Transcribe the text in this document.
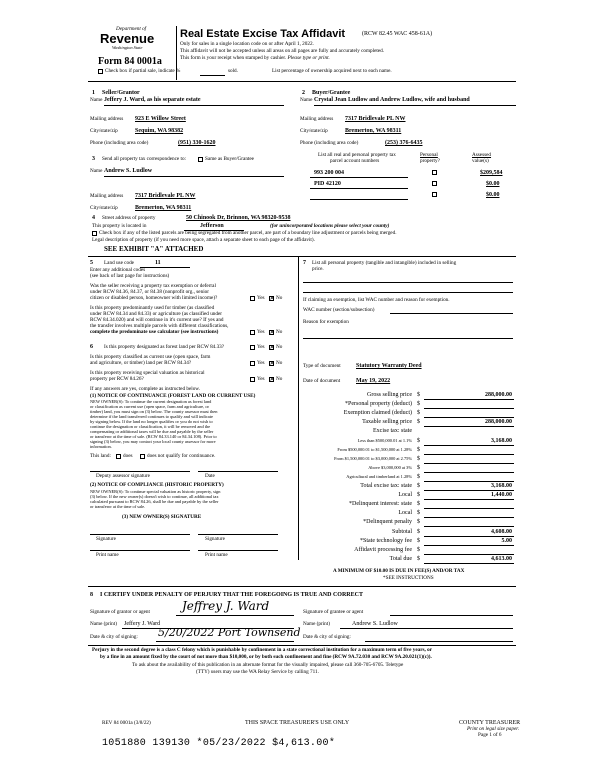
Department of
Revenue
Washington State
Real Estate Excise Tax Affidavit	(RCW 82.45 WAC 458-61A)
Only for sales in a single location code on or after April 1, 2022.
This affidavit will not be accepted unless all areas on all pages are fully and accurately completed.
This form is your receipt when stamped by cashier. Please type or print.
Form 84 0001a
Check box if partial sale, indicate %	sold.	List percentage of ownership acquired next to each name.
1 Seller/Grantor
Name Jeffery J. Ward, as his separate estate
Mailing address 923 E Willow Street
City/state/zip	Sequim, WA 98382
Phone (including area code)	(951) 330-1620
2 Buyer/Grantee
Name Crystal Jean Ludlow and Andrew Ludlow, wife and husband
Mailing address 7317 Bridlevale PL NW
City/state/zip	Bremerton, WA 98311
Phone (including area code)	(253) 376-6435
3 Send all property tax correspondence to:	Same as Buyer/Grantee
Name Andrew S. Ludlow
Mailing address 7317 Bridlevale PL NW
City/state/zip	Bremerton, WA 98311
List all real and personal property tax
parcel account numbers
Personal
property?
Assessed
value(s)
993 200 004	$209,584
PID 42120	$0.00
$0.00
4 Street address of property	50 Chinook Dr, Brinnon, WA 98320-9538
This property is located in	Jefferson	(for unincorporated locations please select your county)
Check box if any of the listed parcels are being segregated from another parcel, are part of a boundary line adjustment or parcels being merged.
Legal description of property (if you need more space, attach a separate sheet to each page of the affidavit).
SEE EXHIBIT "A" ATTACHED
5 Land use code	11
Enter any additional codes
(see back of last page for instructions)
Was the seller receiving a property tax exemption or deferral
under RCW 84.36, 84.37, or 84.38 (nonprofit org., senior
citizen or disabled person, homeowner with limited income)?	Yes ✕ No
Is this property predominantly used for timber (as classified
under RCW 84.34 and 84.33) or agriculture (as classified under
RCW 84.34.020) and will continue in it's current use? If yes and
the transfer involves multiple parcels with different classifications,
complete the predominate use calculator (see instructions)	Yes ✕ No
6 Is this property designated as forest land per RCW 84.33?	Yes ✕ No
Is this property classified as current use (open space, farm
and agriculture, or timber) land per RCW 84.34?	Yes ✕ No
Is this property receiving special valuation as historical
property per RCW 84.26?	Yes ✕ No
If any answers are yes, complete as instructed below.
(1) NOTICE OF CONTINUANCE (FOREST LAND OR CURRENT USE)
NEW OWNER(S): To continue the current designation as forest land
or classification as current use (open space, farm and agriculture, or
timber) land, you must sign on (3) below. The county assessor must then
determine if the land transferred continues to qualify and will indicate
by signing below. If the land no longer qualifies or you do not wish to
continue the designation or classification, it will be removed and the
compensating or additional taxes will be due and payable by the seller
or transferor at the time of sale. (RCW 84.33.140 or 84.34.108). Prior to
signing (3) below, you may contact your local county assessor for more
information.
This land: does	does not qualify for continuance.
Deputy assessor signature	Date
(2) NOTICE OF COMPLIANCE (HISTORIC PROPERTY)
NEW OWNER(S): To continue special valuation as historic property, sign
(3) below. If the new owner(s) doesn't wish to continue, all additional tax
calculated pursuant to RCW 84.26, shall be due and payable by the seller
or transferor at the time of sale.
(3) NEW OWNER(S) SIGNATURE
Signature	Signature
Print name	Print name
7 List all personal property (tangible and intangible) included in selling
price.
If claiming an exemption, list WAC number and reason for exemption.
WAC number (section/subsection)
Reason for exemption
Type of document	Statutory Warranty Deed
Date of document	May 19, 2022
Gross selling price $	288,000.00
*Personal property (deduct) $
Exemption claimed (deduct) $
Taxable selling price $	288,000.00
Excise tax: state
Less than $500,000.01 at 1.1% $	3,168.00
From $500,000.01 to $1,500,000 at 1.28% $
From $1,500,000.01 to $3,000,000 at 2.75% $
Above $3,000,000 at 3% $
Agricultural and timberland at 1.28% $
Total excise tax: state $	3,168.00
Local $	1,440.00
*Delinquent interest: state $
Local $
*Delinquent penalty $
Subtotal $	4,608.00
*State technology fee $	5.00
Affidavit processing fee $
Total due $	4,613.00
A MINIMUM OF $10.00 IS DUE IN FEE(S) AND/OR TAX
*SEE INSTRUCTIONS
8 I CERTIFY UNDER PENALTY OF PERJURY THAT THE FOREGOING IS TRUE AND CORRECT
Signature of grantor or agent	Jeffrey J. Ward	Signature of grantee or agent
Name (print) Jeffery J. Ward	Name (print)	Andrew S. Ludlow
Date & city of signing: 5/20/2022 Port Townsend Date & city of signing:
Perjury in the second degree is a class C felony which is punishable by confinement in a state correctional institution for a maximum term of five years, or
by a fine in an amount fixed by the court of not more than $10,000, or by both such confinement and fine (RCW 9A.72.030 and RCW 9A.20.021(1)(c)).
To ask about the availability of this publication in an alternate format for the visually impaired, please call 360-705-6705. Teletype
(TTY) users may use the WA Relay Service by calling 711.
REV 84 0001a (3/8/22)	THIS SPACE TREASURER'S USE ONLY	COUNTY TREASURER
Print on legal size paper.
Page 1 of 6
1051880 139130 *05/23/2022 $4,613.00*
